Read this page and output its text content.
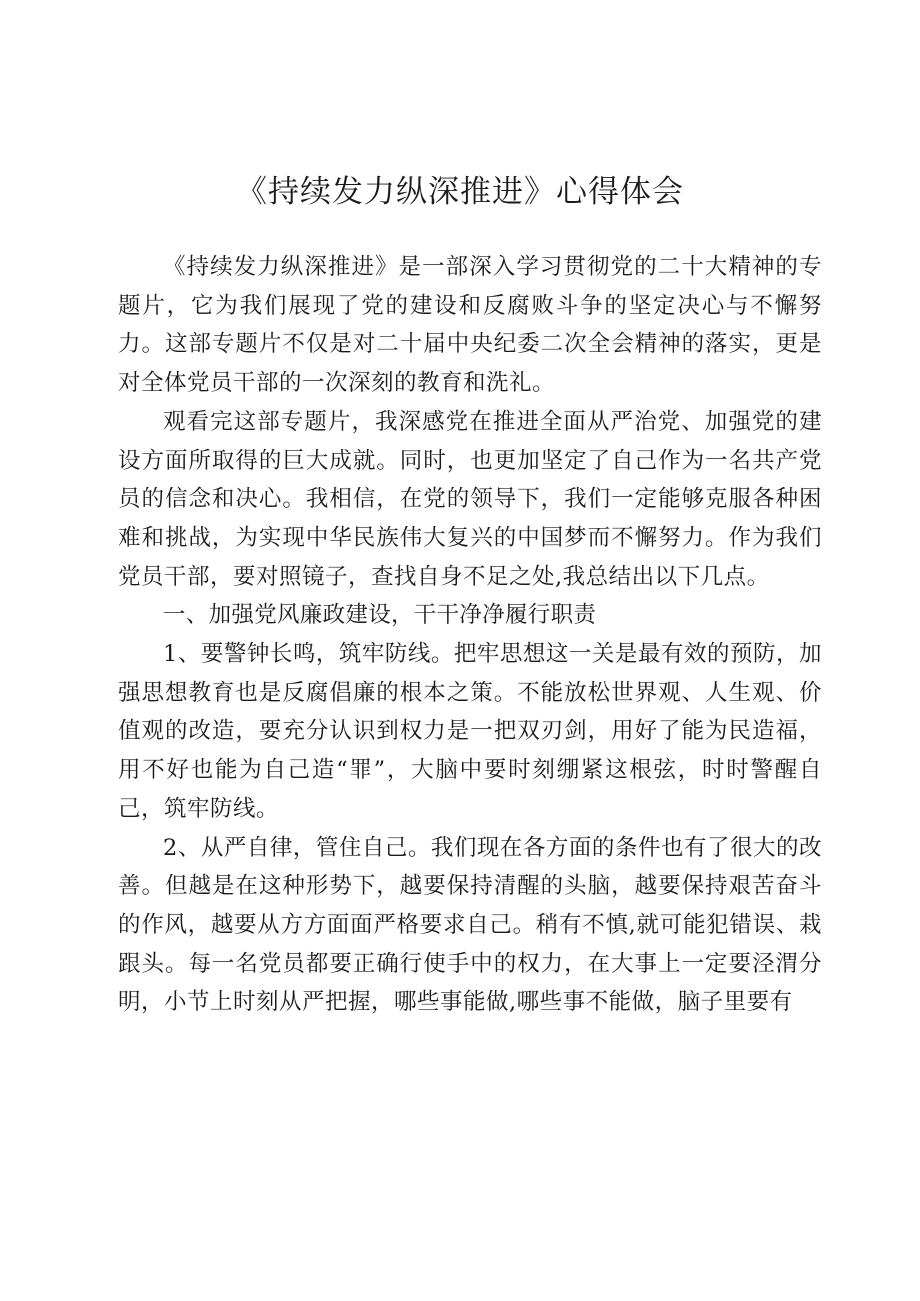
《持续发力纵深推进》心得体会

《持续发力纵深推进》是一部深入学习贯彻党的二十大精神的专题片，它为我们展现了党的建设和反腐败斗争的坚定决心与不懈努力。这部专题片不仅是对二十届中央纪委二次全会精神的落实，更是对全体党员干部的一次深刻的教育和洗礼。

观看完这部专题片，我深感党在推进全面从严治党、加强党的建设方面所取得的巨大成就。同时，也更加坚定了自己作为一名共产党员的信念和决心。我相信，在党的领导下，我们一定能够克服各种困难和挑战，为实现中华民族伟大复兴的中国梦而不懈努力。作为我们党员干部，要对照镜子，查找自身不足之处,我总结出以下几点。

一、加强党风廉政建设，干干净净履行职责

1、要警钟长鸣，筑牢防线。把牢思想这一关是最有效的预防，加强思想教育也是反腐倡廉的根本之策。不能放松世界观、人生观、价值观的改造，要充分认识到权力是一把双刃剑，用好了能为民造福，用不好也能为自己造“罪”，大脑中要时刻绷紧这根弦，时时警醒自己，筑牢防线。

2、从严自律，管住自己。我们现在各方面的条件也有了很大的改善。但越是在这种形势下，越要保持清醒的头脑，越要保持艰苦奋斗的作风，越要从方方面面严格要求自己。稍有不慎,就可能犯错误、栽跟头。每一名党员都要正确行使手中的权力，在大事上一定要泾渭分明，小节上时刻从严把握，哪些事能做,哪些事不能做，脑子里要有
